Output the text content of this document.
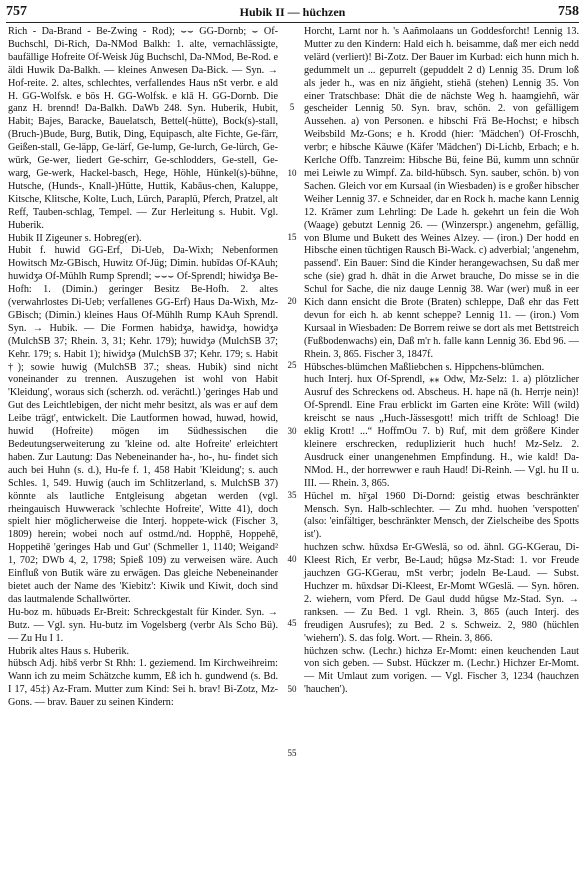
757	Hubik II — hüchzen	758

Rich - Da-Brand - Be-Zwing - Rod); ⌣⌣ GG-Dornb; ⌣ Of-Buchschl, Di-Rich, Da-NMod Balkh: 1. alte, vernachlässigte, baufällige Hofreite Of-Weisk Jüg Buchschl, Da-NMod, Be-Rod. e äldi Huwik Da-Balkh. — kleines Anwesen Da-Bick. — Syn. → Hof-reite. 2. altes, schlechtes, verfallendes Haus nSt verbr. e ald H. GG-Wolfsk. e bös H. GG-Wolfsk. e klā H. GG-Dornb. Die ganz H. brennd! Da-Balkh. DaWb 248. Syn. Huberik, Hubit, Habit; Bajes, Baracke, Bauelatsch, Bettel(-hütte), Bock(s)-stall, (Bruch-)Bude, Burg, Butik, Ding, Equipasch, alte Fichte, Ge-färr, Geißen-stall, Ge-läpp, Ge-lärf, Ge-lump, Ge-lurch, Ge-lürch, Ge-würk, Ge-wer, liedert Ge-schirr, Ge-schlodders, Ge-stell, Ge-warg, Ge-werk, Hackel-basch, Hege, Höhle, Hünkel(s)-bühne, Hutsche, (Hunds-, Knall-)Hütte, Huttik, Kabāus-chen, Kaluppe, Kitsche, Klitsche, Kolte, Luch, Lürch, Paraplü, Pferch, Pratzel, alt Reff, Tauben-schlag, Tempel. — Zur Herleitung s. Hubit. Vgl. Huberik.

Hubik II Zigeuner s. Hobreg(er).

Hubit f. huwid GG-Erf, Di-Ueb, Da-Wixh; Nebenformen Howitsch Mz-GBisch, Huwitz Of-Jüg; Dimin. hubīdəs Of-KAuh; huwidʒə Of-Mühlh Rump Sprendl; ⌣⌣⌣ Of-Sprendl; hiwidʒə Be-Hofh: 1. (Dimin.) geringer Besitz Be-Hofh. 2. altes (verwahrlostes Di-Ueb; verfallenes GG-Erf) Haus Da-Wixh, Mz-GBisch; (Dimin.) kleines Haus Of-Mühlh Rump KAuh Sprendl. Syn. → Hubik. — Die Formen habidʒə, hawidʒə, howidʒə (MulchSB 37; Rhein. 3, 31; Kehr. 179); huwidʒə (MulchSB 37; Kehr. 179; s. Habit 1); hiwidʒə (MulchSB 37; Kehr. 179; s. Habit †); sowie huwig (MulchSB 37.; sheas. Hubik) sind nicht voneinander zu trennen. Auszugehen ist wohl von Habit 'Kleidung', woraus sich (scherzh. od. verächtl.) 'geringes Hab und Gut des Leichtlebigen, der nicht mehr besitzt, als was er auf dem Leibe trägt', entwickelt. Die Lautformen howəd, huwəd, howid, huwid (Hofreite) mögen im Südhessischen die Bedeutungserweiterung zu 'kleine od. alte Hofreite' erleichtert haben. Zur Lautung: Das Nebeneinander ha-, ho-, hu- findet sich auch bei Huhn (s. d.), Hu-fe f. 1, 458 Habit 'Kleidung'; s. auch Schles. 1, 549. Huwig (auch im Schlitzerland, s. MulchSB 37) könnte als lautliche Entgleisung abgetan werden (vgl. rheingauisch Huwwerack 'schlechte Hofreite', Witte 41), doch spielt hier möglicherweise die Interj. hoppete-wick (Fischer 3, 1809) herein; wobei noch auf ostmd./nd. Hopphē, Hoppehē, Hoppetihē 'geringes Hab und Gut' (Schmeller 1, 1140; Weigand² 1, 702; DWb 4, 2, 1798; Spieß 109) zu verweisen wäre. Auch Einfluß von Butik wäre zu erwägen. Das gleiche Nebeneinander bietet auch der Name des 'Kiebitz': Kiwik und Kiwit, doch sind das lautmalende Schallwörter.

Hu-boz m. hūbuəds Er-Breit: Schreckgestalt für Kinder. Syn. → Butz. — Vgl. syn. Hu-butz im Vogelsberg (verbr Als Scho Bü). — Zu Hu I 1.

Hubrik altes Haus s. Huberik.

hübsch Adj. hibš verbr St Rhh: 1. geziemend. Im Kirchweihreim: Wann ich zu meim Schätzche kumm, Eß ich h. gundwend (s. Bd. I 17, 45‡) Az-Fram. Mutter zum Kind: Sei h. brav! Bi-Zotz, Mz-Gons. — brav. Bauer zu seinen Kindern:

5
10
15
20
25
30
35
40
45
50
55

Horcht, Larnt nor h. 's Aañmolaans un Goddesforcht! Lennig 13. Mutter zu den Kindern: Hald eich h. beisamme, daß mer eich nedd velärd (verliert)! Bi-Zotz. Der Bauer im Kurbad: eich hunn mich h. gedummelt un ... gepurrelt (gepuddelt 2 d) Lennig 35. Drum loß als jeder h., was en niz āñgieht, stiehā (stehen) Lennig 35. Von einer Tratschbase: Dhät die de nächste Weg h. haamgiehñ, wär gescheider Lennig 50. Syn. brav, schön. 2. von gefälligem Aussehen. a) von Personen. e hibschi Frä Be-Hochst; e hibsch Weibsbild Mz-Gons; e h. Krodd (hier: 'Mädchen') Of-Froschh, verbr; e hibsche Käuwe (Käfer 'Mädchen') Di-Lichb, Erbach; e h. Kerlche Offb. Tanzreim: Hibsche Bü, feine Bü, kumm unn schnür mei Leiwle zu Wimpf. Za. bild-hübsch. Syn. sauber, schön. b) von Sachen. Gleich vor em Kursaal (in Wiesbaden) is e großer hibscher Weiher Lennig 37. e Schneider, dar en Rock h. mache kann Lennig 12. Krämer zum Lehrling: De Lade h. gekehrt un fein die Woh (Waage) gebutzt Lennig 26. — (Winzerspr.) angenehm, gefällig, von Blume und Bukett des Weines Alzey. — (iron.) Der hodd en Hibsche einen tüchtigen Rausch Bi-Wack. c) adverbial; 'angenehm, passend'. Ein Bauer: Sind die Kinder herangewachsen, Su daß mer sche (sie) grad h. dhät in die Arwet brauche, Do misse se in die Schul for Sache, die niz dauge Lennig 38. War (wer) muß in eer Kich dann ensicht die Brote (Braten) schleppe, Daß ehr das Fett devun for eich h. ab kennt scheppe? Lennig 11. — (iron.) Vom Kursaal in Wiesbaden: De Borrem reiwe se dort als met Bettstreich (Fußbodenwachs) ein, Daß m'r h. falle kann Lennig 36. Ebd 96. — Rhein. 3, 865. Fischer 3, 1847f.

Hübsches-blümchen Maßliebchen s. Hippchens-blümchen.

huch Interj. hux Of-Sprendl, ⁎⁎ Odw, Mz-Selz: 1. a) plötzlicher Ausruf des Schreckens od. Abscheus. H. hape nā (h. Herrje nein)! Of-Sprendl. Eine Frau erblickt im Garten eine Kröte: Will (wild) kreischt se naus „Huch-Jässesgott! mich trifft de Schloag! Die eklig Krott! ...“ HoffmOu 7. b) Ruf, mit dem größere Kinder kleinere erschrecken, reduplizierit huch huch! Mz-Selz. 2. Ausdruck einer unangenehmen Empfindung. H., wie kald! Da-NMod. H., der horrewwer e rauh Haud! Di-Reinh. — Vgl. hu II u. III. — Rhein. 3, 865.

Hüchel m. hīʒəl 1960 Di-Dornd: geistig etwas beschränkter Mensch. Syn. Halb-schlechter. — Zu mhd. huohen 'verspotten' (also: 'einfältiger, beschränkter Mensch, der Zielscheibe des Spotts ist').

huchzen schw. hūxdsə Er-GWeslä, so od. ähnl. GG-KGerau, Di-Kleest Rich, Er verbr, Be-Laud; hūgsə Mz-Stad: 1. vor Freude jauchzen GG-KGerau, mSt verbr; jodeln Be-Laud. — Subst. Huchzer m. hūxdsər Di-Kleest, Er-Momt WGeslä. — Syn. hōren. 2. wiehern, vom Pferd. De Gaul dudd hūgse Mz-Stad. Syn. → ranksen. — Zu Bed. 1 vgl. Rhein. 3, 865 (auch Interj. des freudigen Ausrufes); zu Bed. 2 s. Schweiz. 2, 980 (hüchlen 'wiehern'). S. das folg. Wort. — Rhein. 3, 866.

hüchzen schw. (Lechr.) hichzə Er-Momt: einen keuchenden Laut von sich geben. — Subst. Hückzer m. (Lechr.) Hichzer Er-Momt. — Mit Umlaut zum vorigen. — Vgl. Fischer 3, 1234 (hauchzen 'hauchen').
